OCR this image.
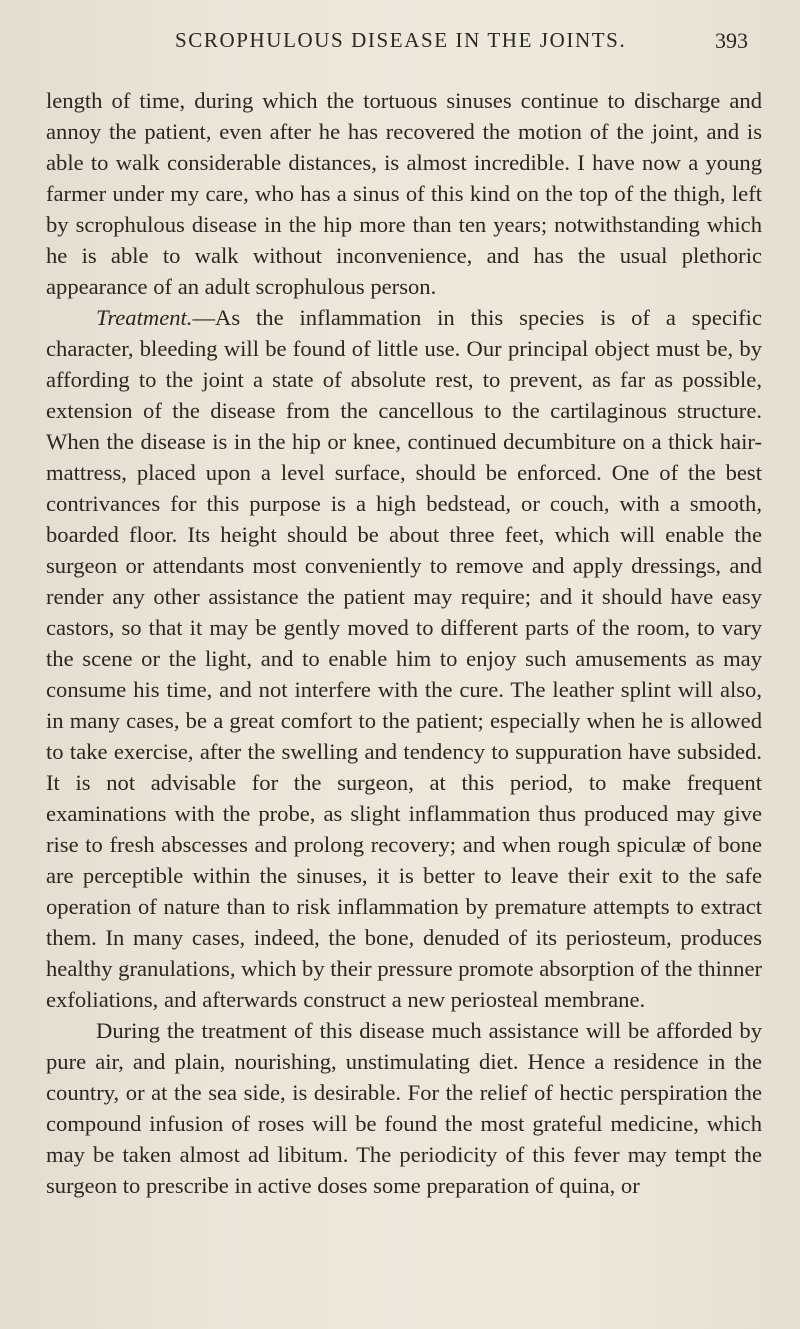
SCROPHULOUS DISEASE IN THE JOINTS.	393

length of time, during which the tortuous sinuses continue to discharge and annoy the patient, even after he has recovered the motion of the joint, and is able to walk considerable distances, is almost incredible. I have now a young farmer under my care, who has a sinus of this kind on the top of the thigh, left by scrophulous disease in the hip more than ten years; notwithstanding which he is able to walk without inconvenience, and has the usual plethoric appearance of an adult scrophulous person.

Treatment.—As the inflammation in this species is of a specific character, bleeding will be found of little use. Our principal object must be, by affording to the joint a state of absolute rest, to prevent, as far as possible, extension of the disease from the cancellous to the cartilaginous structure. When the disease is in the hip or knee, continued decumbiture on a thick hair-mattress, placed upon a level surface, should be enforced. One of the best contrivances for this purpose is a high bedstead, or couch, with a smooth, boarded floor. Its height should be about three feet, which will enable the surgeon or attendants most conveniently to remove and apply dressings, and render any other assistance the patient may require; and it should have easy castors, so that it may be gently moved to different parts of the room, to vary the scene or the light, and to enable him to enjoy such amusements as may consume his time, and not interfere with the cure. The leather splint will also, in many cases, be a great comfort to the patient; especially when he is allowed to take exercise, after the swelling and tendency to suppuration have subsided. It is not advisable for the surgeon, at this period, to make frequent examinations with the probe, as slight inflammation thus produced may give rise to fresh abscesses and prolong recovery; and when rough spiculæ of bone are perceptible within the sinuses, it is better to leave their exit to the safe operation of nature than to risk inflammation by premature attempts to extract them. In many cases, indeed, the bone, denuded of its periosteum, produces healthy granulations, which by their pressure promote absorption of the thinner exfoliations, and afterwards construct a new periosteal membrane.

During the treatment of this disease much assistance will be afforded by pure air, and plain, nourishing, unstimulating diet. Hence a residence in the country, or at the sea side, is desirable. For the relief of hectic perspiration the compound infusion of roses will be found the most grateful medicine, which may be taken almost ad libitum. The periodicity of this fever may tempt the surgeon to prescribe in active doses some preparation of quina, or
